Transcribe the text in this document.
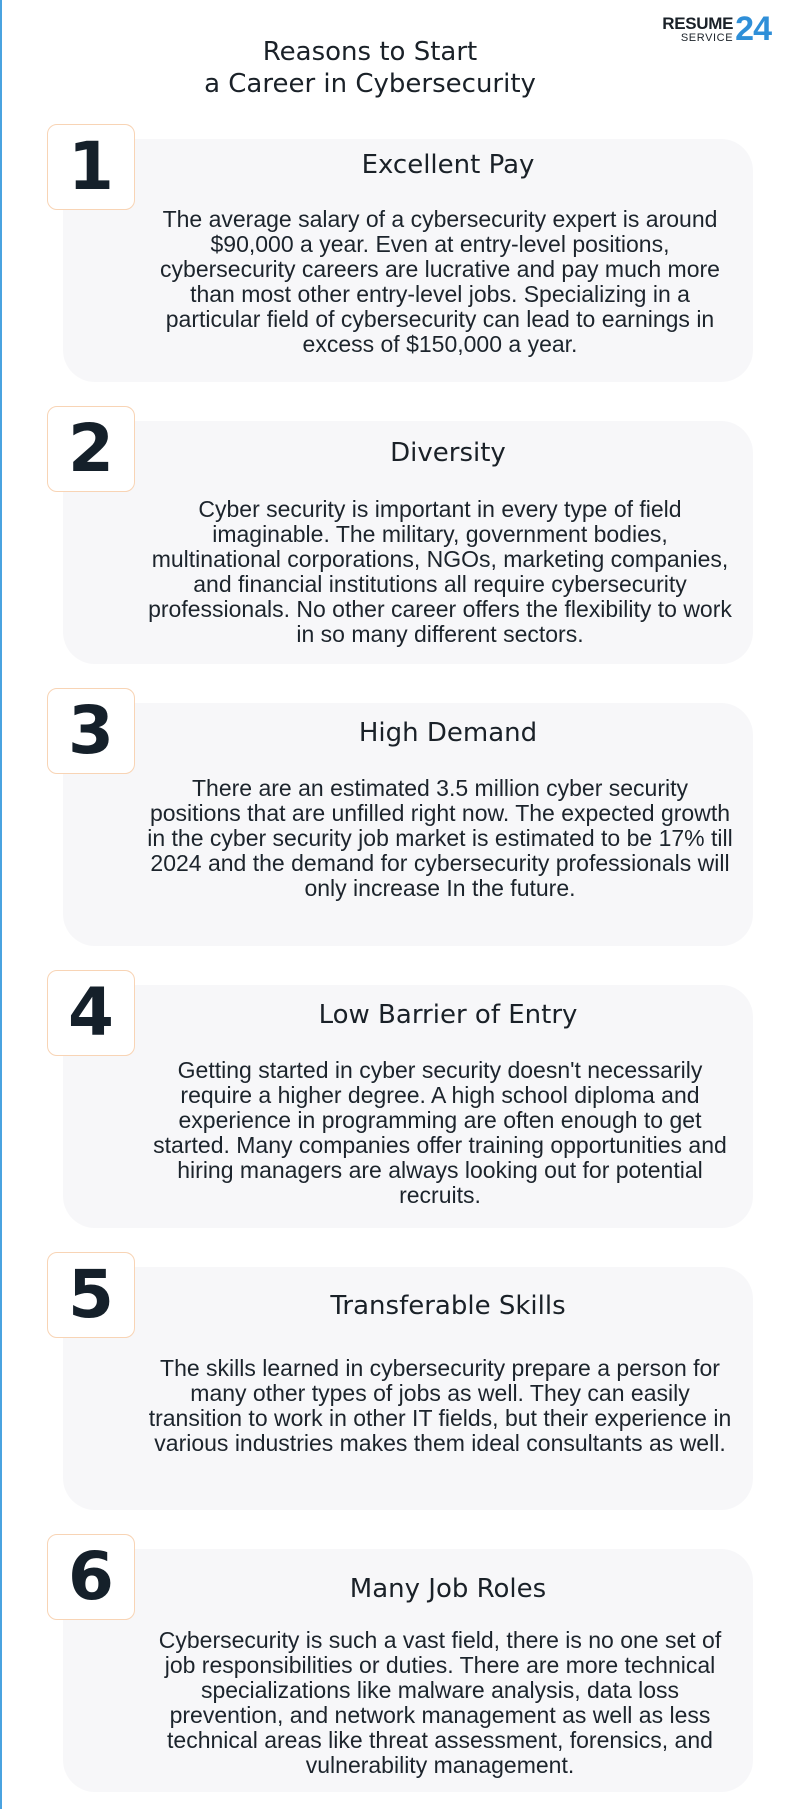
RESUME
SERVICE 24
Reasons to Start
a Career in Cybersecurity
1	Excellent Pay
The average salary of a cybersecurity expert is around $90,000 a year. Even at entry-level positions, cybersecurity careers are lucrative and pay much more than most other entry-level jobs. Specializing in a particular field of cybersecurity can lead to earnings in excess of $150,000 a year.
2	Diversity
Cyber security is important in every type of field imaginable. The military, government bodies, multinational corporations, NGOs, marketing companies, and financial institutions all require cybersecurity professionals. No other career offers the flexibility to work in so many different sectors.
3	High Demand
There are an estimated 3.5 million cyber security positions that are unfilled right now. The expected growth in the cyber security job market is estimated to be 17% till 2024 and the demand for cybersecurity professionals will only increase In the future.
4	Low Barrier of Entry
Getting started in cyber security doesn't necessarily require a higher degree. A high school diploma and experience in programming are often enough to get started. Many companies offer training opportunities and hiring managers are always looking out for potential recruits.
5	Transferable Skills
The skills learned in cybersecurity prepare a person for many other types of jobs as well. They can easily transition to work in other IT fields, but their experience in various industries makes them ideal consultants as well.
6	Many Job Roles
Cybersecurity is such a vast field, there is no one set of job responsibilities or duties. There are more technical specializations like malware analysis, data loss prevention, and network management as well as less technical areas like threat assessment, forensics, and vulnerability management.
